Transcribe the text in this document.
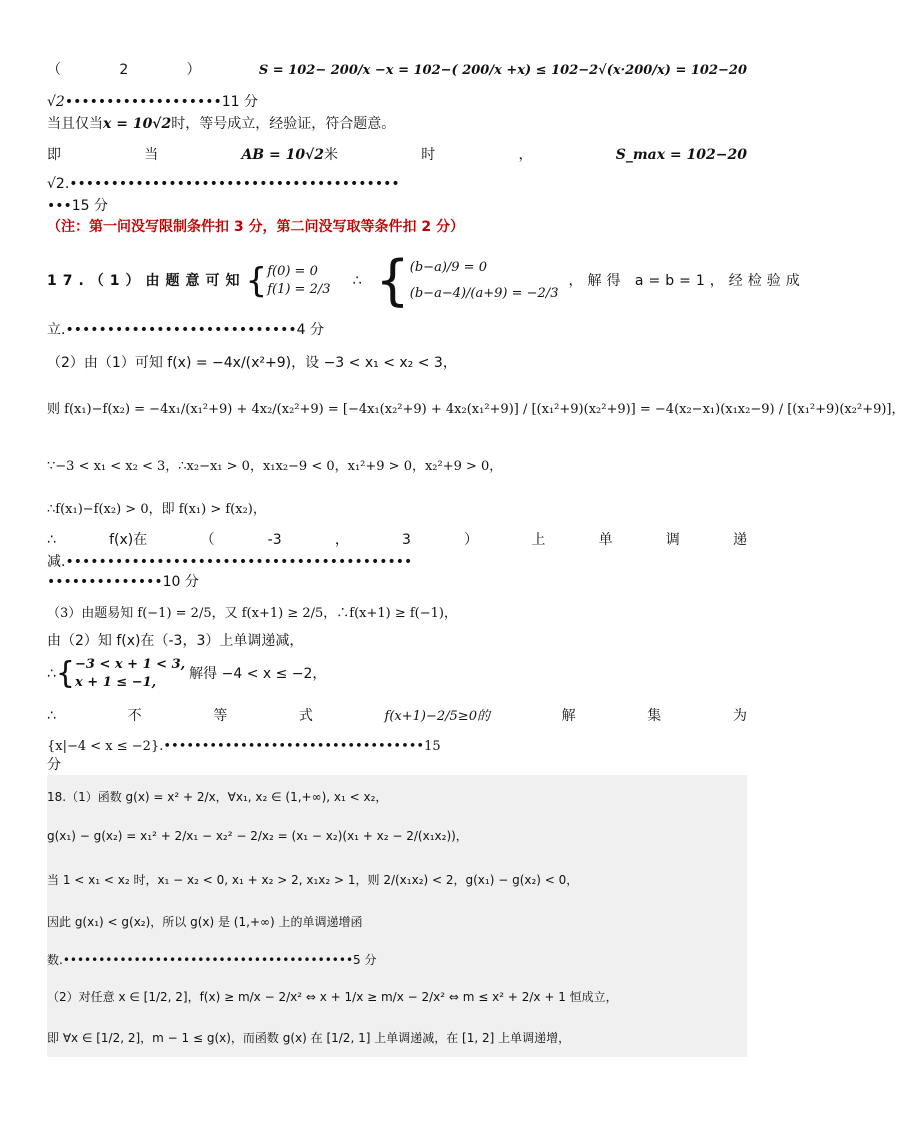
（	2	）	S = 102− 200/x −x = 102−( 200/x +x) ≤ 102−2√(x·200/x) = 102−20
√2•••••••••••••••••••11 分
当且仅当x = 10√2时，等号成立，经验证，符合题意。
即	当	AB = 10√2米	时	，	S_max = 102−20
√2.••••••••••••••••••••••••••••••••••••••••
•••15 分
（注：第一问没写限制条件扣 3 分，第二问没写取等条件扣 2 分）
17.（1）由题意可知 { f(0) = 0
f(1) = 2/3
∴ { (b−a)/9 = 0
(b−a−4)/(a+9) = −2/3
，解得 a=b=1，经检验成
立.••••••••••••••••••••••••••••4 分
（2）由（1）可知 f(x) = −4x/(x²+9)，设 −3 < x₁ < x₂ < 3，
则 f(x₁)−f(x₂) = −4x₁/(x₁²+9) + 4x₂/(x₂²+9) = [−4x₁(x₂²+9) + 4x₂(x₁²+9)] / [(x₁²+9)(x₂²+9)] = −4(x₂−x₁)(x₁x₂−9) / [(x₁²+9)(x₂²+9)]，
∵−3 < x₁ < x₂ < 3，∴x₂−x₁ > 0，x₁x₂−9 < 0，x₁²+9 > 0，x₂²+9 > 0，
∴f(x₁)−f(x₂) > 0，即 f(x₁) > f(x₂)，
∴	f(x)在	（	-3	，	3	）	上	单	调	递
减.••••••••••••••••••••••••••••••••••••••••••
••••••••••••••10 分
（3）由题易知 f(−1) = 2/5，又 f(x+1) ≥ 2/5，∴f(x+1) ≥ f(−1)，
由（2）知 f(x)在（-3，3）上单调递减，
∴ { −3 < x + 1 < 3,
x + 1 ≤ −1,
解得 −4 < x ≤ −2，
∴	不	等	式	f(x+1)−2/5≥0的	解	集	为
{x|−4 < x ≤ −2}.••••••••••••••••••••••••••••••••••15
分
18.（1）函数 g(x) = x² + 2/x，∀x₁, x₂ ∈ (1,+∞), x₁ < x₂，
g(x₁) − g(x₂) = x₁² + 2/x₁ − x₂² − 2/x₂ = (x₁ − x₂)(x₁ + x₂ − 2/(x₁x₂))，
当 1 < x₁ < x₂ 时，x₁ − x₂ < 0, x₁ + x₂ > 2, x₁x₂ > 1，则 2/(x₁x₂) < 2，g(x₁) − g(x₂) < 0，
因此 g(x₁) < g(x₂)，所以 g(x) 是 (1,+∞) 上的单调递增函
数.•••••••••••••••••••••••••••••••••••••••••5 分
（2）对任意 x ∈ [1/2, 2]，f(x) ≥ m/x − 2/x² ⇔ x + 1/x ≥ m/x − 2/x² ⇔ m ≤ x² + 2/x + 1 恒成立，
即 ∀x ∈ [1/2, 2]，m − 1 ≤ g(x)，而函数 g(x) 在 [1/2, 1] 上单调递减，在 [1, 2] 上单调递增，
